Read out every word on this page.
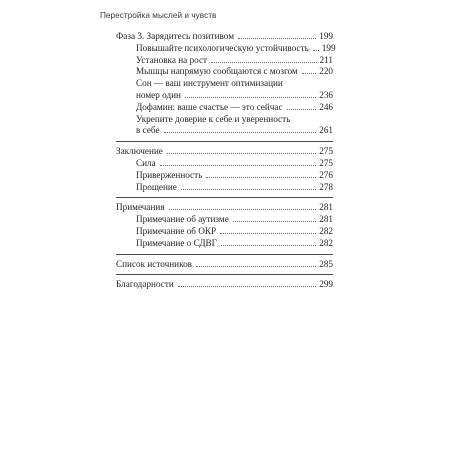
Перестройка мыслей и чувств
Фаза 3. Зарядитесь позитивом	199
Повышайте психологическую устойчивость 199
Установка на рост	211
Мышцы напрямую сообщаются с мозгом 220
Сон — ваш инструмент оптимизации
номер один	236
Дофамин: ваше счастье — это сейчас	246
Укрепите доверие к себе и уверенность
в себе	261
Заключение	275
Сила	275
Приверженность	276
Прощение	278
Примечания	281
Примечание об аутизме	281
Примечание об ОКР	282
Примечание о СДВГ	282
Список источников	285
Благодарности	299
